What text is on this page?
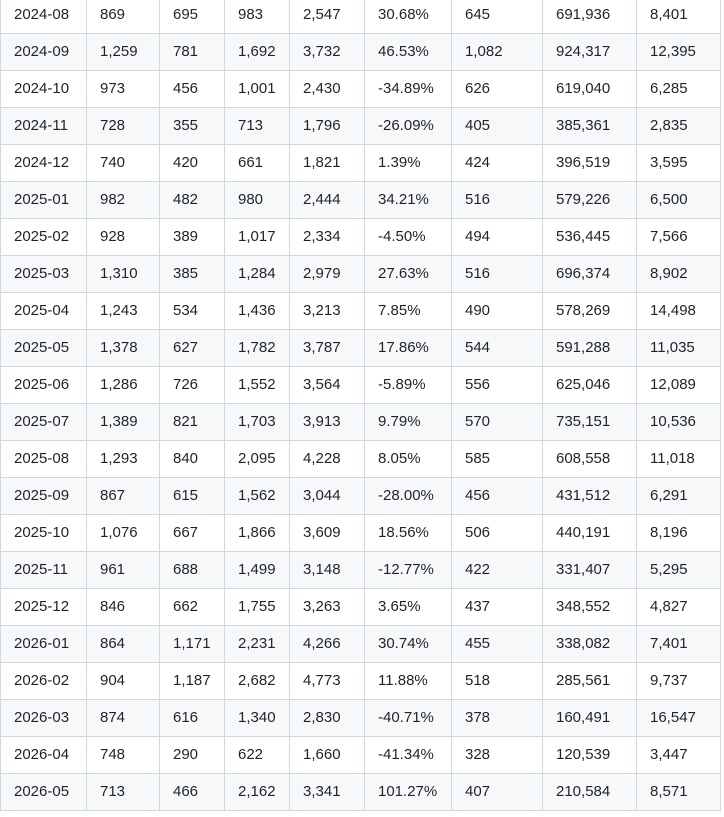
2024-08	869	695	983	2,547	30.68%	645	691,936	8,401
2024-09	1,259	781	1,692	3,732	46.53%	1,082	924,317	12,395
2024-10	973	456	1,001	2,430	-34.89%	626	619,040	6,285
2024-11	728	355	713	1,796	-26.09%	405	385,361	2,835
2024-12	740	420	661	1,821	1.39%	424	396,519	3,595
2025-01	982	482	980	2,444	34.21%	516	579,226	6,500
2025-02	928	389	1,017	2,334	-4.50%	494	536,445	7,566
2025-03	1,310	385	1,284	2,979	27.63%	516	696,374	8,902
2025-04	1,243	534	1,436	3,213	7.85%	490	578,269	14,498
2025-05	1,378	627	1,782	3,787	17.86%	544	591,288	11,035
2025-06	1,286	726	1,552	3,564	-5.89%	556	625,046	12,089
2025-07	1,389	821	1,703	3,913	9.79%	570	735,151	10,536
2025-08	1,293	840	2,095	4,228	8.05%	585	608,558	11,018
2025-09	867	615	1,562	3,044	-28.00%	456	431,512	6,291
2025-10	1,076	667	1,866	3,609	18.56%	506	440,191	8,196
2025-11	961	688	1,499	3,148	-12.77%	422	331,407	5,295
2025-12	846	662	1,755	3,263	3.65%	437	348,552	4,827
2026-01	864	1,171	2,231	4,266	30.74%	455	338,082	7,401
2026-02	904	1,187	2,682	4,773	11.88%	518	285,561	9,737
2026-03	874	616	1,340	2,830	-40.71%	378	160,491	16,547
2026-04	748	290	622	1,660	-41.34%	328	120,539	3,447
2026-05	713	466	2,162	3,341	101.27%	407	210,584	8,571
